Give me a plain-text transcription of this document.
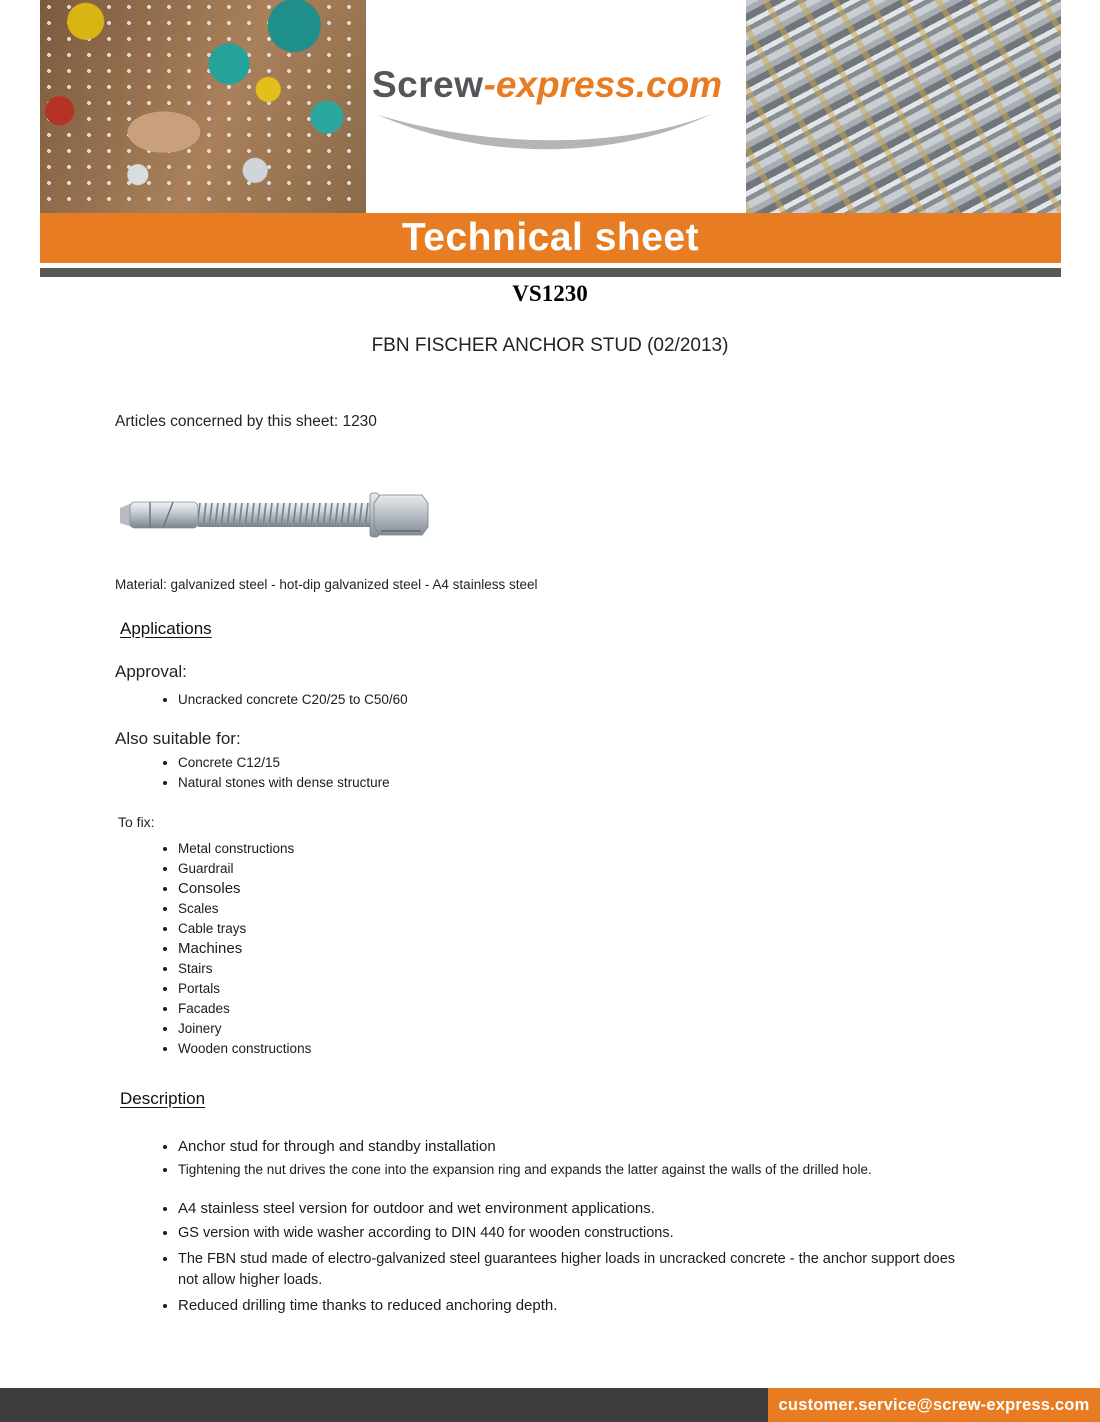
Screw-express.com
Technical sheet
VS1230
FBN FISCHER ANCHOR STUD (02/2013)
Articles concerned by this sheet: 1230
Material: galvanized steel - hot-dip galvanized steel - A4 stainless steel
Applications
Approval:
• Uncracked concrete C20/25 to C50/60
Also suitable for:
• Concrete C12/15
• Natural stones with dense structure
To fix:
• Metal constructions
• Guardrail
• Consoles
• Scales
• Cable trays
• Machines
• Stairs
• Portals
• Facades
• Joinery
• Wooden constructions
Description
• Anchor stud for through and standby installation
• Tightening the nut drives the cone into the expansion ring and expands the latter against the walls of the drilled hole.
• A4 stainless steel version for outdoor and wet environment applications.
• GS version with wide washer according to DIN 440 for wooden constructions.
• The FBN stud made of electro-galvanized steel guarantees higher loads in uncracked concrete - the anchor support does not allow higher loads.
• Reduced drilling time thanks to reduced anchoring depth.
customer.service@screw-express.com
